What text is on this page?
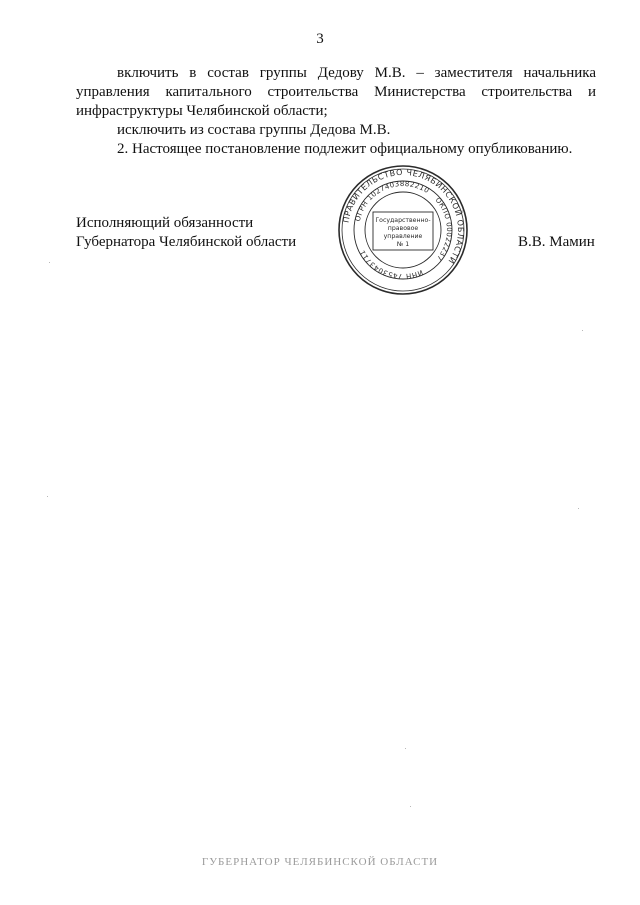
3

включить в состав группы Дедову М.В. – заместителя начальника управления капитального строительства Министерства строительства и инфраструктуры Челябинской области;

исключить из состава группы Дедова М.В.

2. Настоящее постановление подлежит официальному опубликованию.

Исполняющий обязанности
Губернатора Челябинской области	В.В. Мамин
ПРАВИТЕЛЬСТВО ЧЕЛЯБИНСКОЙ ОБЛАСТИ
ОГРН 1027403882210
ОКПО 00022237
ИНН 7453043711
Государственно-
правовое
управление
№ 1
ГУБЕРНАТОР ЧЕЛЯБИНСКОЙ ОБЛАСТИ
